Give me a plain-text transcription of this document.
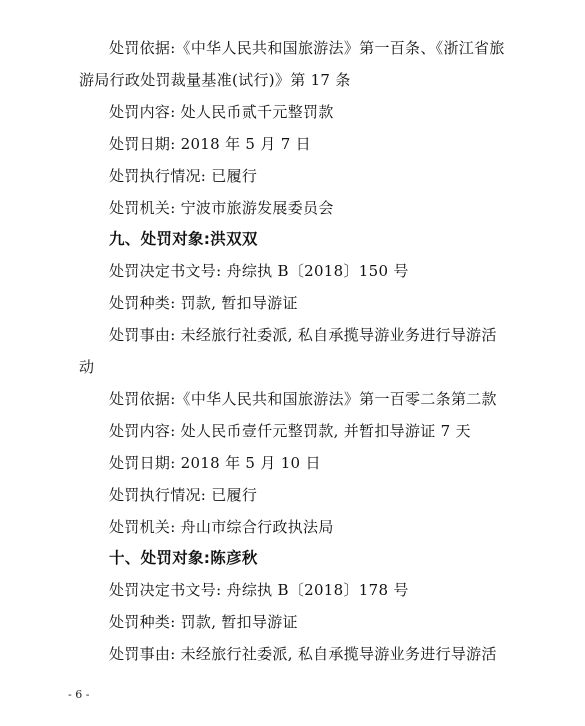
处罚依据:《中华人民共和国旅游法》第一百条、《浙江省旅
游局行政处罚裁量基准(试行)》第 17 条
处罚内容: 处人民币贰千元整罚款
处罚日期: 2018 年 5 月 7 日
处罚执行情况: 已履行
处罚机关: 宁波市旅游发展委员会
九、处罚对象:洪双双
处罚决定书文号: 舟综执 B〔2018〕150 号
处罚种类: 罚款, 暂扣导游证
处罚事由: 未经旅行社委派, 私自承揽导游业务进行导游活
动
处罚依据:《中华人民共和国旅游法》第一百零二条第二款
处罚内容: 处人民币壹仟元整罚款, 并暂扣导游证 7 天
处罚日期: 2018 年 5 月 10 日
处罚执行情况: 已履行
处罚机关: 舟山市综合行政执法局
十、处罚对象:陈彦秋
处罚决定书文号: 舟综执 B〔2018〕178 号
处罚种类: 罚款, 暂扣导游证
处罚事由: 未经旅行社委派, 私自承揽导游业务进行导游活
- 6 -
